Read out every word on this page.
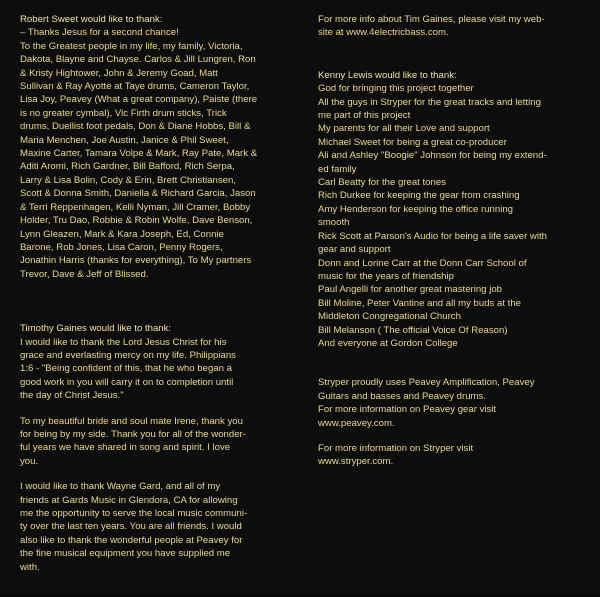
Robert Sweet would like to thank:
– Thanks Jesus for a second chance!
To the Greatest people in my life, my family, Victoria,
Dakota, Blayne and Chayse. Carlos & Jill Lungren, Ron
& Kristy Hightower, John & Jeremy Goad, Matt
Sullivan & Ray Ayotte at Taye drums, Cameron Taylor,
Lisa Joy, Peavey (What a great company), Paiste (there
is no greater cymbal), Vic Firth drum sticks, Trick
drums, Duellist foot pedals, Don & Diane Hobbs, Bill &
Maria Menchen, Joe Austin, Janice & Phil Sweet,
Maxine Carter, Tamara Volpe & Mark, Ray Pate, Mark &
Aditi Aromi, Rich Gardner, Bill Bafford, Rich Serpa,
Larry & Lisa Bolin, Cody & Erin, Brett Christiansen,
Scott & Donna Smith, Daniella & Richard Garcia, Jason
& Terri Reppenhagen, Kelli Nyman, Jill Cramer, Bobby
Holder, Tru Dao, Robbie & Robin Wolfe, Dave Benson,
Lynn Gleazen, Mark & Kara Joseph, Ed, Connie
Barone, Rob Jones, Lisa Caron, Penny Rogers,
Jonathin Harris (thanks for everything), To My partners
Trevor, Dave & Jeff of Blissed.
Timothy Gaines would like to thank:
I would like to thank the Lord Jesus Christ for his
grace and everlasting mercy on my life. Philippians
1:6 - "Being confident of this, that he who began a
good work in you will carry it on to completion until
the day of Christ Jesus."
To my beautiful bride and soul mate Irene, thank you
for being by my side. Thank you for all of the wonder-
ful years we have shared in song and spirit. I love
you.
I would like to thank Wayne Gard, and all of my
friends at Gards Music in Glendora, CA for allowing
me the opportunity to serve the local music communi-
ty over the last ten years. You are all friends. I would
also like to thank the wonderful people at Peavey for
the fine musical equipment you have supplied me
with.
For more info about Tim Gaines, please visit my web-
site at www.4electricbass.com.
Kenny Lewis would like to thank:
God for bringing this project together
All the guys in Stryper for the great tracks and letting
me part of this project
My parents for all their Love and support
Michael Sweet for being a great co-producer
Ali and Ashley "Boogie" Johnson for being my extend-
ed family
Carl Beatty for the great tones
Rich Durkee for keeping the gear from crashing
Amy Henderson for keeping the office running
smooth
Rick Scott at Parson's Audio for being a life saver with
gear and support
Donn and Lorine Carr at the Donn Carr School of
music for the years of friendship
Paul Angelli for another great mastering job
Bill Moline, Peter Vantine and all my buds at the
Middleton Congregational Church
Bill Melanson ( The official Voice Of Reason)
And everyone at Gordon College
Stryper proudly uses Peavey Amplification, Peavey
Guitars and basses and Peavey drums.
For more information on Peavey gear visit
www.peavey.com.
For more information on Stryper visit
www.stryper.com.
